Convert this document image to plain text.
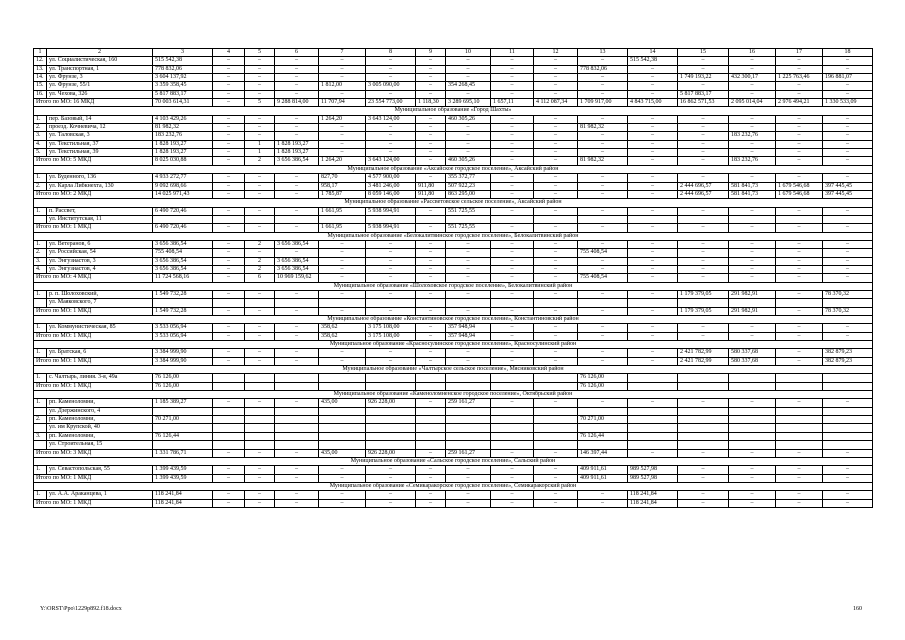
1	2	3	4	5	6	7	8	9	10	11	12	13	14	15	16	17	18
12.	ул. Социалистическая, 160	515 542,38	–	–	–	–	–	–	–	–	–	–	515 542,38	–	–	–	–
13.	ул. Транспортная, 1	778 832,06	–	–	–	–	–	–	–	–	–	778 832,06	–	–	–	–	–
14.	ул. Фрунзе, 3	3 604 137,92	–	–	–	–	–	–	–	–	–	–	–	1 749 193,22	432 300,17	1 225 763,46	196 881,07
15.	ул. Фрунзе, 55/1	3 359 358,45	–	–	–	1 812,00	3 005 090,00	–	354 268,45	–	–	–	–	–	–	–	–
16.	ул. Чехова, 326	5 817 883,17	–	–	–	–	–	–	–	–	–	–	–	5 817 883,17	–	–	–
Итого по МО: 16 МКД		70 003 614,31	–	5	9 288 814,00	11 707,94	23 554 773,00	1 118,30	3 289 695,10	1 657,11	4 112 087,34	1 709 917,00	4 843 715,00	16 862 571,53	2 095 014,04	2 976 494,21	1 330 533,09
Муниципальное образование «Город Шахты»																	
1.	пер. Базовый, 14	4 103 429,26	–	–	–	1 264,20	3 643 124,00	–	460 305,26	–	–	–	–	–	–	–	–
2.	проезд. Кочневича, 12	81 982,32	–	–	–	–	–	–	–	–	–	81 982,32	–	–	–	–	–
3.	ул. Таловская, 3	183 232,76	–	–	–	–	–	–	–	–	–	–	–	–	183 232,76	–	–
4.	ул. Текстильная, 37	1 828 193,27	–	1	1 828 193,27	–	–	–	–	–	–	–	–	–	–	–	–
5.	ул. Текстильная, 39	1 828 193,27	–	1	1 828 193,27	–	–	–	–	–	–	–	–	–	–	–	–
Итого по МО: 5 МКД		8 025 030,88	–	2	3 656 386,54	1 264,20	3 643 124,00	–	460 305,26	–	–	81 982,32	–	–	183 232,76	–	–
Муниципальное образование «Аксайское городское поселение», Аксайский район																	
1.	ул. Буденного, 136	4 933 272,77	–	–	–	827,70	4 577 900,00	–	355 372,77	–	–	–	–	–	–	–	–
2.	ул. Карла Либкнехта, 130	9 092 698,66	–	–	–	958,17	3 481 246,00	911,80	507 922,23	–	–	–	–	2 444 696,57	581 841,73	1 679 546,68	397 445,45
Итого по МО: 2 МКД		14 025 971,43	–	–	–	1 785,87	8 059 146,00	911,80	863 295,00	–	–	–	–	2 444 696,57	581 841,73	1 679 546,68	397 445,45
Муниципальное образование «Рассветовское сельское поселение», Аксайский район																	
1.	п. Рассвет,	6 490 720,46	–	–	–	1 661,95	5 938 994,91	–	551 725,55	–	–	–	–	–	–	–	–
	ул. Институтская, 11																
Итого по МО: 1 МКД		6 490 720,46	–	–	–	1 661,95	5 938 994,91	–	551 725,55	–	–	–	–	–	–	–	–
Муниципальное образование «Белокалитвинское городское поселение», Белокалитвинский район																	
1.	ул. Ветеранов, 6	3 656 386,54	–	2	3 656 386,54	–	–	–	–	–	–	–	–	–	–	–	–
2.	ул. Российская, 54	755 408,54	–	–	–	–	–	–	–	–	–	755 408,54	–	–	–	–	–
3.	ул. Энгузиастов, 3	3 656 386,54	–	2	3 656 386,54	–	–	–	–	–	–	–	–	–	–	–	–
4.	ул. Энгузиастов, 4	3 656 386,54	–	2	3 656 386,54	–	–	–	–	–	–	–	–	–	–	–	–
Итого по МО: 4 МКД		11 724 568,16	–	6	10 969 159,62	–	–	–	–	–	–	755 408,54	–	–	–	–	–
Муниципальное образование «Шолоховское городское поселение», Белокалитвинский район																	
1.	р. п. Шолоховский,	1 549 732,28	–	–	–	–	–	–	–	–	–	–	–	1 179 379,05	291 982,91	–	78 370,32
	ул. Маяковского, 7																
Итого по МО: 1 МКД		1 549 732,28	–	–	–	–	–	–	–	–	–	–	–	1 179 379,05	291 982,91	–	78 370,32
Муниципальное образование «Константиновское городское поселение», Константиновский район																	
1.	ул. Коммунистическая, 85	3 533 056,94	–	–	–	358,62	3 175 108,00	–	357 948,94	–	–	–	–	–	–	–	–
Итого по МО: 1 МКД		3 533 056,94	–	–	–	358,62	3 175 108,00	–	357 948,94	–	–	–	–	–	–	–	–
Муниципальное образование «Красносулинское городское поселение», Красносулинский район																	
1.	ул. Братская, 6	3 384 999,90	–	–	–	–	–	–	–	–	–	–	–	2 421 782,99	580 337,68	–	382 879,23
Итого по МО: 1 МКД		3 384 999,90	–	–	–	–	–	–	–	–	–	–	–	2 421 782,99	580 337,68	–	382 879,23
Муниципальное образование «Чалтырское сельское поселение», Мясниковский район																	
1.	с. Чалтырь, линия. 3-я, 49а	76 126,00										76 126,00					
Итого по МО: 1 МКД		76 126,00										76 126,00					
Муниципальное образование «Каменоломненское городское поселение», Октябрьский район																	
1.	рп. Каменоломни,	1 185 389,27	–	–	–	435,00	926 228,00	–	259 161,27	–	–	–	–	–	–	–	–
	ул. Дзержинского, 4																
2.	рп. Каменоломни,	70 271,00										70 271,00					
	ул. им Крупской, 40																
3.	рп. Каменоломни,	76 126,44										76 126,44					
	ул. Строительная, 15																
Итого по МО: 3 МКД		1 331 786,71	–	–	–	435,00	926 228,00	–	259 161,27	–	–	146 397,44	–	–	–	–	–
Муниципальное образование «Сальское городское поселение», Сальский район																	
1.	ул. Севастопольская, 55	1 399 439,59	–	–	–	–	–	–	–	–	–	409 911,61	989 527,98	–	–	–	–
Итого по МО: 1 МКД		1 399 439,59	–	–	–	–	–	–	–	–	–	409 911,61	989 527,98	–	–	–	–
Муниципальное образование «Семикаракорское городское поселение», Семикаракорский район																	
1.	ул. А.А. Араканцева, 1	118 241,84	–	–	–	–	–	–	–	–	–	–	118 241,84	–	–	–	–
Итого по МО: 1 МКД		118 241,84	–	–	–	–	–	–	–	–	–	–	118 241,84	–	–	–	–
Y:\ORST\Ppo\1229p892.f18.docx	160
